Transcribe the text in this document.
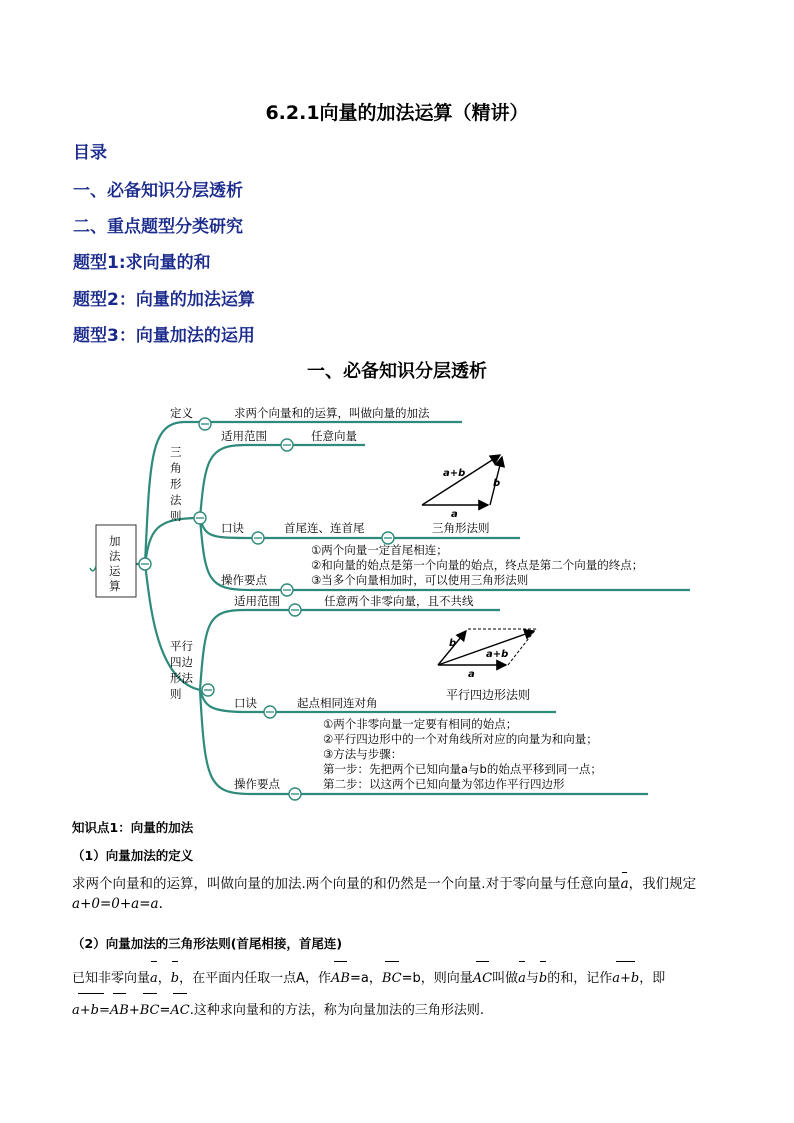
6.2.1向量的加法运算（精讲）
目录
一、必备知识分层透析
二、重点题型分类研究
题型1:求向量的和
题型2：向量的加法运算
题型3：向量加法的运用
一、必备知识分层透析
加
法
运
算
定义	求两个向量和的运算，叫做向量的加法
三
角
形
法
则
适用范围	任意向量
a+b
b
a
口诀	首尾连、连首尾	三角形法则
①两个向量一定首尾相连；
②和向量的始点是第一个向量的始点，终点是第二个向量的终点；
③当多个向量相加时，可以使用三角形法则
操作要点
适用范围	任意两个非零向量，且不共线
平行
四边
形法
则
b
a+b
a
平行四边形法则
口诀	起点相同连对角
①两个非零向量一定要有相同的始点；
②平行四边形中的一个对角线所对应的向量为和向量；
③方法与步骤：
第一步：先把两个已知向量a与b的始点平移到同一点；
第二步：以这两个已知向量为邻边作平行四边形
操作要点
知识点1：向量的加法
（1）向量加法的定义
求两个向量和的运算，叫做向量的加法.两个向量的和仍然是一个向量.对于零向量与任意向量a，我们规定
a+0=0+a=a.
（2）向量加法的三角形法则(首尾相接，首尾连)
已知非零向量a，b，在平面内任取一点A，作AB=a，BC=b，则向量AC叫做a与b的和，记作a+b，即
a+b=AB+BC=AC.这种求向量和的方法，称为向量加法的三角形法则.
